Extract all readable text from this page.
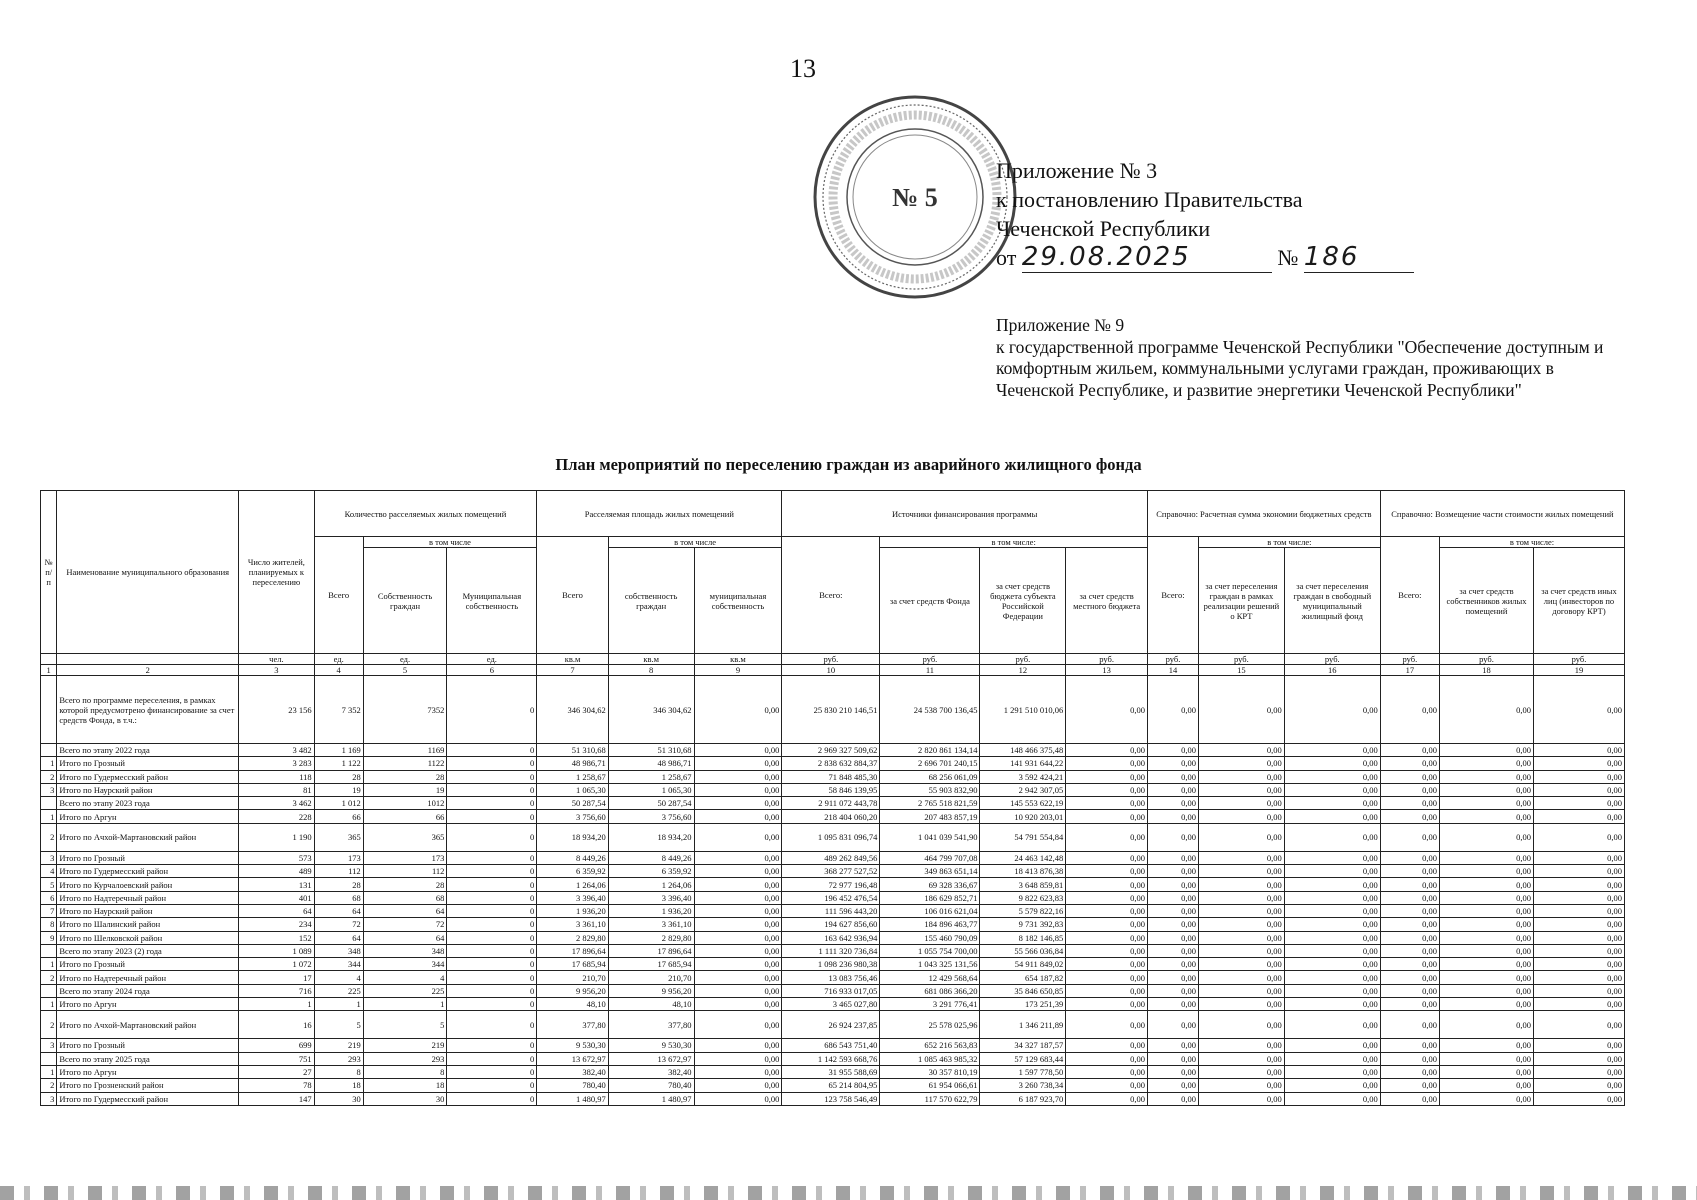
13
№ 5
Приложение № 3
к постановлению Правительства
Чеченской Республики
от 29.08.2025	№ 186
Приложение № 9
к государственной программе Чеченской Республики "Обеспечение доступным и комфортным жильем, коммунальными услугами граждан, проживающих в Чеченской Республике, и развитие энергетики Чеченской Республики"
План мероприятий по переселению граждан из аварийного жилищного фонда
№ п/п	Наименование муниципального образования	Число жителей, планируемых к переселению	Количество расселяемых жилых помещений			Расселяемая площадь жилых помещений			Источники финансирования программы				Справочно: Расчетная сумма экономии бюджетных средств			Справочно: Возмещение части стоимости жилых помещений		
			Всего	в том числе		Всего	в том числе		Всего:	в том числе:			Всего:	в том числе:		Всего:	в том числе:	
				Собственность граждан	Муниципальная собственность		собственность граждан	муниципальная собственность		за счет средств Фонда	за счет средств бюджета субъекта Российской Федерации	за счет средств местного бюджета		за счет переселения граждан в рамках реализации решений о КРТ	за счет переселения граждан в свободный муниципальный жилищный фонд		за счет средств собственников жилых помещений	за счет средств иных лиц (инвесторов по договору КРТ)
		чел.	ед.	ед.	ед.	кв.м	кв.м	кв.м	руб.	руб.	руб.	руб.	руб.	руб.	руб.	руб.	руб.	руб.
1	2	3	4	5	6	7	8	9	10	11	12	13	14	15	16	17	18	19
	Всего по программе переселения, в рамках которой предусмотрено финансирование за счет средств Фонда, в т.ч.:	23 156	7 352	7352	0	346 304,62	346 304,62	0,00	25 830 210 146,51	24 538 700 136,45	1 291 510 010,06	0,00	0,00	0,00	0,00	0,00	0,00	0,00
	Всего по этапу 2022 года	3 482	1 169	1169	0	51 310,68	51 310,68	0,00	2 969 327 509,62	2 820 861 134,14	148 466 375,48	0,00	0,00	0,00	0,00	0,00	0,00	0,00
1	Итого по Грозный	3 283	1 122	1122	0	48 986,71	48 986,71	0,00	2 838 632 884,37	2 696 701 240,15	141 931 644,22	0,00	0,00	0,00	0,00	0,00	0,00	0,00
2	Итого по Гудермесский район	118	28	28	0	1 258,67	1 258,67	0,00	71 848 485,30	68 256 061,09	3 592 424,21	0,00	0,00	0,00	0,00	0,00	0,00	0,00
3	Итого по Наурский район	81	19	19	0	1 065,30	1 065,30	0,00	58 846 139,95	55 903 832,90	2 942 307,05	0,00	0,00	0,00	0,00	0,00	0,00	0,00
	Всего по этапу 2023 года	3 462	1 012	1012	0	50 287,54	50 287,54	0,00	2 911 072 443,78	2 765 518 821,59	145 553 622,19	0,00	0,00	0,00	0,00	0,00	0,00	0,00
1	Итого по Аргун	228	66	66	0	3 756,60	3 756,60	0,00	218 404 060,20	207 483 857,19	10 920 203,01	0,00	0,00	0,00	0,00	0,00	0,00	0,00
2	Итого по Ачхой-Мартановский район	1 190	365	365	0	18 934,20	18 934,20	0,00	1 095 831 096,74	1 041 039 541,90	54 791 554,84	0,00	0,00	0,00	0,00	0,00	0,00	0,00
3	Итого по Грозный	573	173	173	0	8 449,26	8 449,26	0,00	489 262 849,56	464 799 707,08	24 463 142,48	0,00	0,00	0,00	0,00	0,00	0,00	0,00
4	Итого по Гудермесский район	489	112	112	0	6 359,92	6 359,92	0,00	368 277 527,52	349 863 651,14	18 413 876,38	0,00	0,00	0,00	0,00	0,00	0,00	0,00
5	Итого по Курчалоевский район	131	28	28	0	1 264,06	1 264,06	0,00	72 977 196,48	69 328 336,67	3 648 859,81	0,00	0,00	0,00	0,00	0,00	0,00	0,00
6	Итого по Надтеречный район	401	68	68	0	3 396,40	3 396,40	0,00	196 452 476,54	186 629 852,71	9 822 623,83	0,00	0,00	0,00	0,00	0,00	0,00	0,00
7	Итого по Наурский район	64	64	64	0	1 936,20	1 936,20	0,00	111 596 443,20	106 016 621,04	5 579 822,16	0,00	0,00	0,00	0,00	0,00	0,00	0,00
8	Итого по Шалинский район	234	72	72	0	3 361,10	3 361,10	0,00	194 627 856,60	184 896 463,77	9 731 392,83	0,00	0,00	0,00	0,00	0,00	0,00	0,00
9	Итого по Шелковской район	152	64	64	0	2 829,80	2 829,80	0,00	163 642 936,94	155 460 790,09	8 182 146,85	0,00	0,00	0,00	0,00	0,00	0,00	0,00
	Всего по этапу 2023 (2) года	1 089	348	348	0	17 896,64	17 896,64	0,00	1 111 320 736,84	1 055 754 700,00	55 566 036,84	0,00	0,00	0,00	0,00	0,00	0,00	0,00
1	Итого по Грозный	1 072	344	344	0	17 685,94	17 685,94	0,00	1 098 236 980,38	1 043 325 131,56	54 911 849,02	0,00	0,00	0,00	0,00	0,00	0,00	0,00
2	Итого по Надтеречный район	17	4	4	0	210,70	210,70	0,00	13 083 756,46	12 429 568,64	654 187,82	0,00	0,00	0,00	0,00	0,00	0,00	0,00
	Всего по этапу 2024 года	716	225	225	0	9 956,20	9 956,20	0,00	716 933 017,05	681 086 366,20	35 846 650,85	0,00	0,00	0,00	0,00	0,00	0,00	0,00
1	Итого по Аргун	1	1	1	0	48,10	48,10	0,00	3 465 027,80	3 291 776,41	173 251,39	0,00	0,00	0,00	0,00	0,00	0,00	0,00
2	Итого по Ачхой-Мартановский район	16	5	5	0	377,80	377,80	0,00	26 924 237,85	25 578 025,96	1 346 211,89	0,00	0,00	0,00	0,00	0,00	0,00	0,00
3	Итого по Грозный	699	219	219	0	9 530,30	9 530,30	0,00	686 543 751,40	652 216 563,83	34 327 187,57	0,00	0,00	0,00	0,00	0,00	0,00	0,00
	Всего по этапу 2025 года	751	293	293	0	13 672,97	13 672,97	0,00	1 142 593 668,76	1 085 463 985,32	57 129 683,44	0,00	0,00	0,00	0,00	0,00	0,00	0,00
1	Итого по Аргун	27	8	8	0	382,40	382,40	0,00	31 955 588,69	30 357 810,19	1 597 778,50	0,00	0,00	0,00	0,00	0,00	0,00	0,00
2	Итого по Грозненский район	78	18	18	0	780,40	780,40	0,00	65 214 804,95	61 954 066,61	3 260 738,34	0,00	0,00	0,00	0,00	0,00	0,00	0,00
3	Итого по Гудермесский район	147	30	30	0	1 480,97	1 480,97	0,00	123 758 546,49	117 570 622,79	6 187 923,70	0,00	0,00	0,00	0,00	0,00	0,00	0,00
